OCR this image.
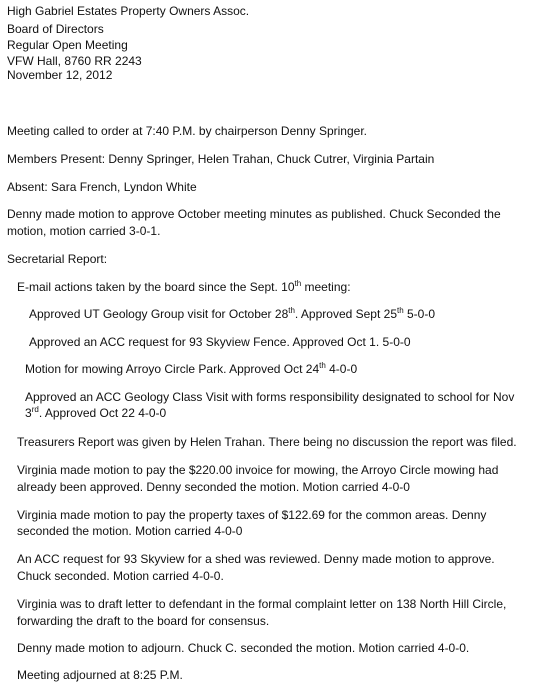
High Gabriel Estates Property Owners Assoc.
Board of Directors
Regular Open Meeting
VFW Hall, 8760 RR 2243
November 12, 2012
Meeting called to order at 7:40 P.M. by chairperson Denny Springer.
Members Present: Denny Springer, Helen Trahan, Chuck Cutrer, Virginia Partain
Absent: Sara French, Lyndon White
Denny made motion to approve October meeting minutes as published. Chuck Seconded the
motion, motion carried 3-0-1.
Secretarial Report:
E-mail actions taken by the board since the Sept. 10th meeting:
Approved UT Geology Group visit for October 28th. Approved Sept 25th 5-0-0
Approved an ACC request for 93 Skyview Fence. Approved Oct 1. 5-0-0
Motion for mowing Arroyo Circle Park. Approved Oct 24th 4-0-0
Approved an ACC Geology Class Visit with forms responsibility designated to school for Nov
3rd. Approved Oct 22 4-0-0
Treasurers Report was given by Helen Trahan. There being no discussion the report was filed.
Virginia made motion to pay the $220.00 invoice for mowing, the Arroyo Circle mowing had
already been approved. Denny seconded the motion. Motion carried 4-0-0
Virginia made motion to pay the property taxes of $122.69 for the common areas. Denny
seconded the motion. Motion carried 4-0-0
An ACC request for 93 Skyview for a shed was reviewed. Denny made motion to approve.
Chuck seconded. Motion carried 4-0-0.
Virginia was to draft letter to defendant in the formal complaint letter on 138 North Hill Circle,
forwarding the draft to the board for consensus.
Denny made motion to adjourn. Chuck C. seconded the motion. Motion carried 4-0-0.
Meeting adjourned at 8:25 P.M.
